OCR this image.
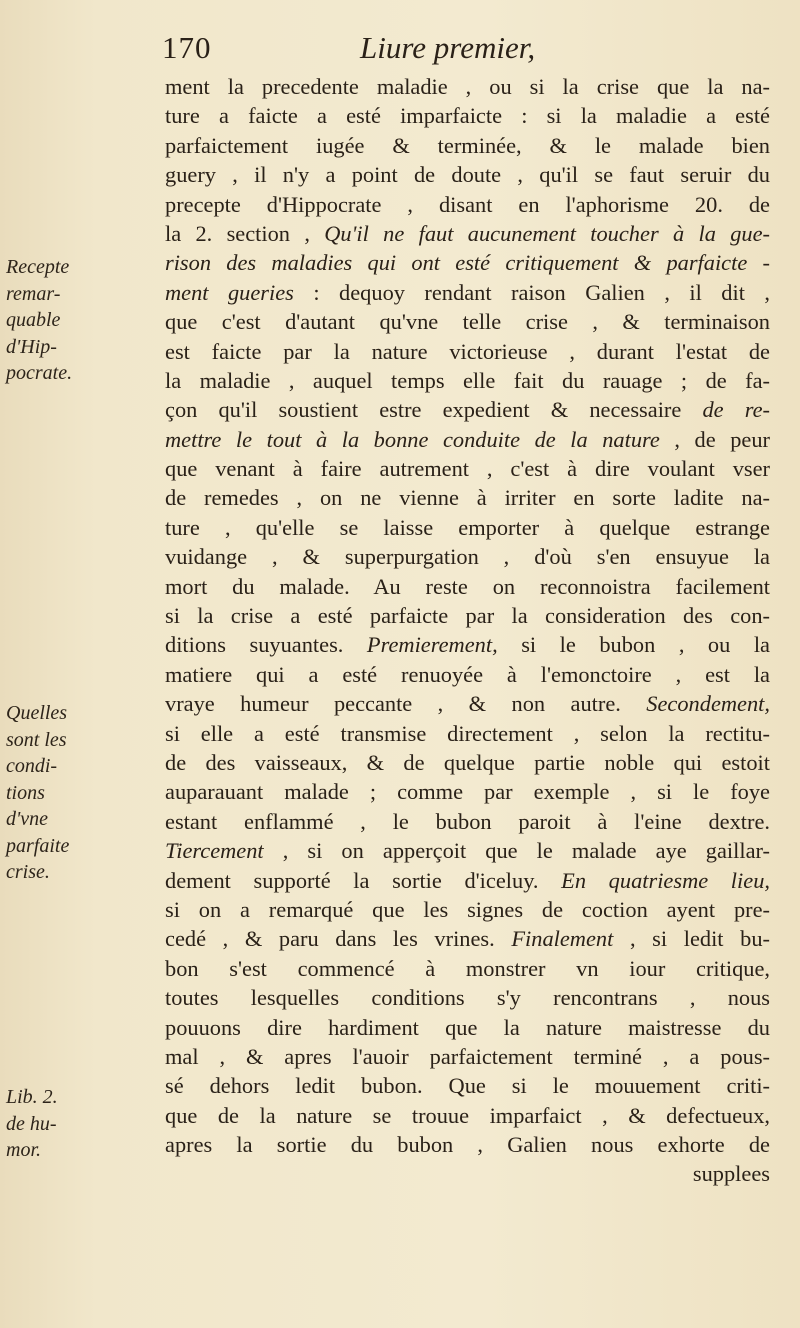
170	Liure premier,
Recepte
remar-
quable
d'Hip-
pocrate.
Quelles
sont les
condi-
tions
d'vne
parfaite
crise.
Lib. 2.
de hu-
mor.
ment la precedente maladie , ou si la crise que la na-
ture a faicte a esté imparfaicte : si la maladie a esté
parfaictement iugée & terminée, & le malade bien
guery , il n'y a point de doute , qu'il se faut seruir du
precepte d'Hippocrate , disant en l'aphorisme 20. de
la 2. section , Qu'il ne faut aucunement toucher à la gue-
rison des maladies qui ont esté critiquement & parfaicte -
ment gueries : dequoy rendant raison Galien , il dit ,
que c'est d'autant qu'vne telle crise , & terminaison
est faicte par la nature victorieuse , durant l'estat de
la maladie , auquel temps elle fait du rauage ; de fa-
çon qu'il soustient estre expedient & necessaire de re-
mettre le tout à la bonne conduite de la nature , de peur
que venant à faire autrement , c'est à dire voulant vser
de remedes , on ne vienne à irriter en sorte ladite na-
ture , qu'elle se laisse emporter à quelque estrange
vuidange , & superpurgation , d'où s'en ensuyue la
mort du malade. Au reste on reconnoistra facilement
si la crise a esté parfaicte par la consideration des con-
ditions suyuantes. Premierement, si le bubon , ou la
matiere qui a esté renuoyée à l'emonctoire , est la
vraye humeur peccante , & non autre. Secondement,
si elle a esté transmise directement , selon la rectitu-
de des vaisseaux, & de quelque partie noble qui estoit
auparauant malade ; comme par exemple , si le foye
estant enflammé , le bubon paroit à l'eine dextre.
Tiercement , si on apperçoit que le malade aye gaillar-
dement supporté la sortie d'iceluy. En quatriesme lieu,
si on a remarqué que les signes de coction ayent pre-
cedé , & paru dans les vrines. Finalement , si ledit bu-
bon s'est commencé à monstrer vn iour critique,
toutes lesquelles conditions s'y rencontrans , nous
pouuons dire hardiment que la nature maistresse du
mal , & apres l'auoir parfaictement terminé , a pous-
sé dehors ledit bubon. Que si le mouuement criti-
que de la nature se trouue imparfaict , & defectueux,
apres la sortie du bubon , Galien nous exhorte de
supplees
